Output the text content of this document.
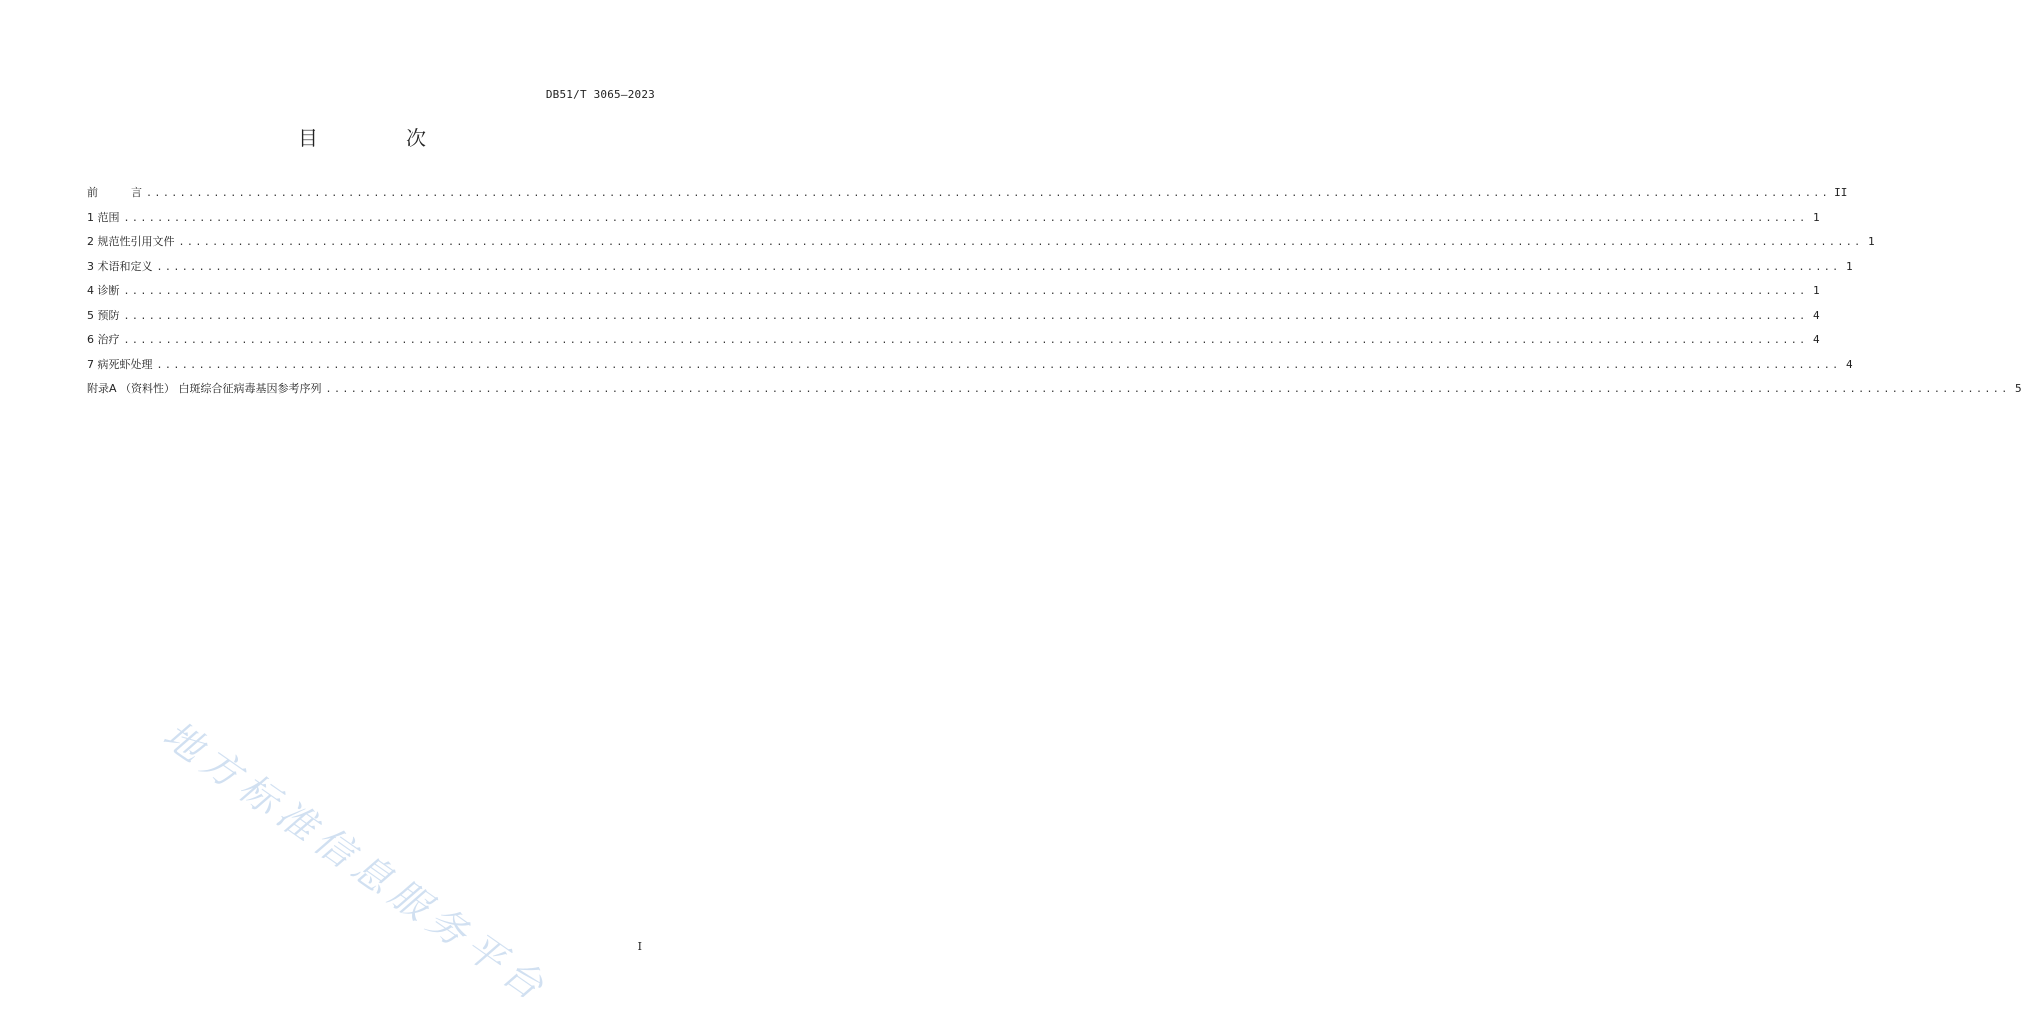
DB51/T 3065—2023
目　次
前　　　言 ........................................................................................................................................................................................................ II
1 范围 ........................................................................................................................................................................................................ 1
2 规范性引用文件 ........................................................................................................................................................................................................ 1
3 术语和定义 ........................................................................................................................................................................................................ 1
4 诊断 ........................................................................................................................................................................................................ 1
5 预防 ........................................................................................................................................................................................................ 4
6 治疗 ........................................................................................................................................................................................................ 4
7 病死虾处理 ........................................................................................................................................................................................................ 4
附录A （资料性） 白斑综合征病毒基因参考序列 ........................................................................................................................................................................................................ 5
地方标准信息服务平台	I
